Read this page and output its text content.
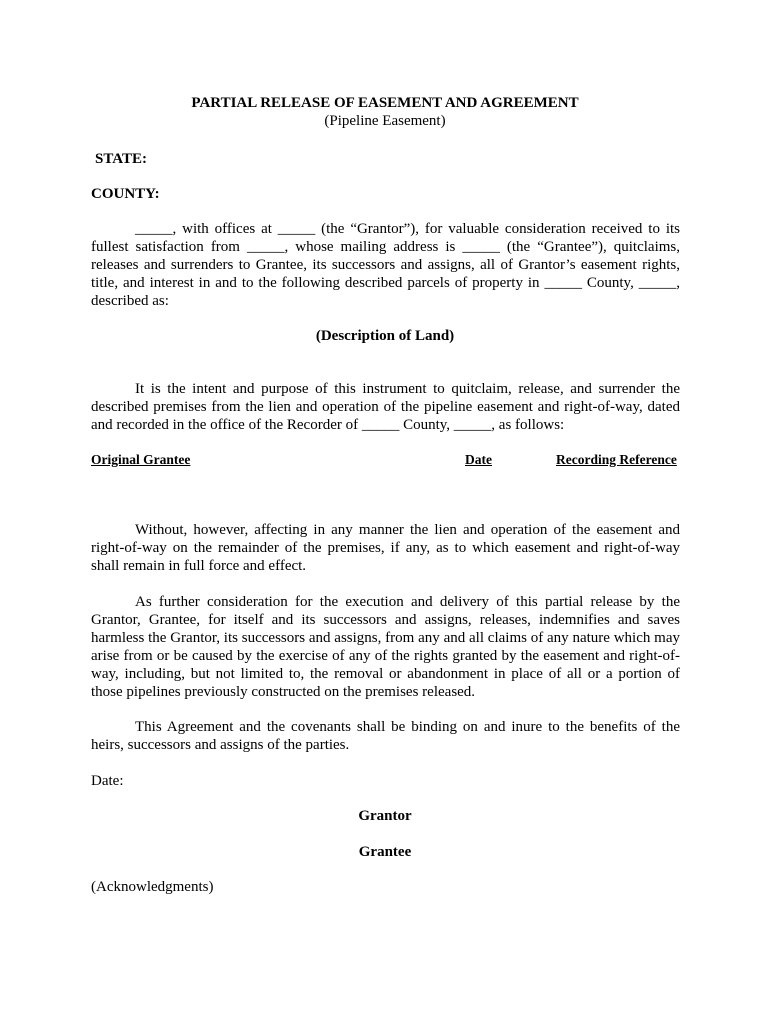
PARTIAL RELEASE OF EASEMENT AND AGREEMENT
(Pipeline Easement)
STATE:
COUNTY:
_____, with offices at _____ (the “Grantor”), for valuable consideration received to its fullest satisfaction from _____, whose mailing address is _____ (the “Grantee”), quitclaims, releases and surrenders to Grantee, its successors and assigns, all of Grantor’s easement rights, title, and interest in and to the following described parcels of property in _____ County, _____, described as:
(Description of Land)
It is the intent and purpose of this instrument to quitclaim, release, and surrender the described premises from the lien and operation of the pipeline easement and right-of-way, dated and recorded in the office of the Recorder of _____ County, _____, as follows:
Original Grantee	Date	Recording Reference
Without, however, affecting in any manner the lien and operation of the easement and right-of-way on the remainder of the premises, if any, as to which easement and right-of-way shall remain in full force and effect.
As further consideration for the execution and delivery of this partial release by the Grantor, Grantee, for itself and its successors and assigns, releases, indemnifies and saves harmless the Grantor, its successors and assigns, from any and all claims of any nature which may arise from or be caused by the exercise of any of the rights granted by the easement and right-of-way, including, but not limited to, the removal or abandonment in place of all or a portion of those pipelines previously constructed on the premises released.
This Agreement and the covenants shall be binding on and inure to the benefits of the heirs, successors and assigns of the parties.
Date:
Grantor
Grantee
(Acknowledgments)
